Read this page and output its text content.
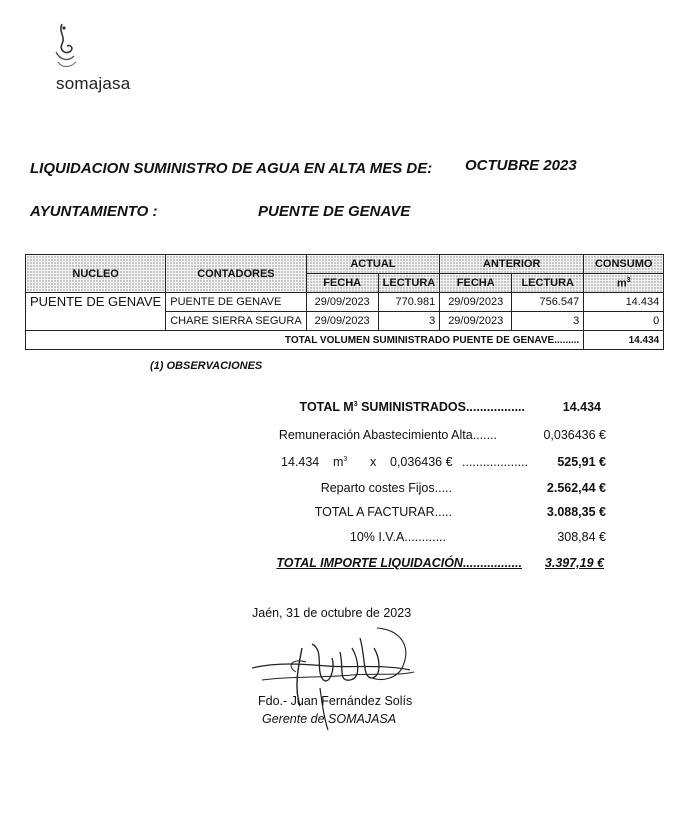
somajasa
LIQUIDACION SUMINISTRO DE AGUA EN ALTA MES DE: OCTUBRE 2023
AYUNTAMIENTO :	PUENTE DE GENAVE
NUCLEO	CONTADORES	ACTUAL		ANTERIOR		CONSUMO
		FECHA	LECTURA	FECHA	LECTURA	$m^3$
PUENTE DE GENAVE	PUENTE DE GENAVE	29/09/2023	770.981	29/09/2023	756.547	14.434
	CHARE SIERRA SEGURA	29/09/2023	3	29/09/2023	3	0
TOTAL VOLUMEN SUMINISTRADO PUENTE DE GENAVE.........						14.434
(1) OBSERVACIONES
TOTAL $M^3$ SUMINISTRADOS.................	14.434
Remuneración Abastecimiento Alta.......	0,036436 €
14.434 $m^3$ x 0,036436 € ...................	525,91 €
Reparto costes Fijos.....	2.562,44 €
TOTAL A FACTURAR.....	3.088,35 €
10% I.V.A............	308,84 €
TOTAL IMPORTE LIQUIDACIÓN.................	3.397,19 €
Jaén, 31 de octubre de 2023
Fdo.- Juan Fernández Solís
Gerente de SOMAJASA
